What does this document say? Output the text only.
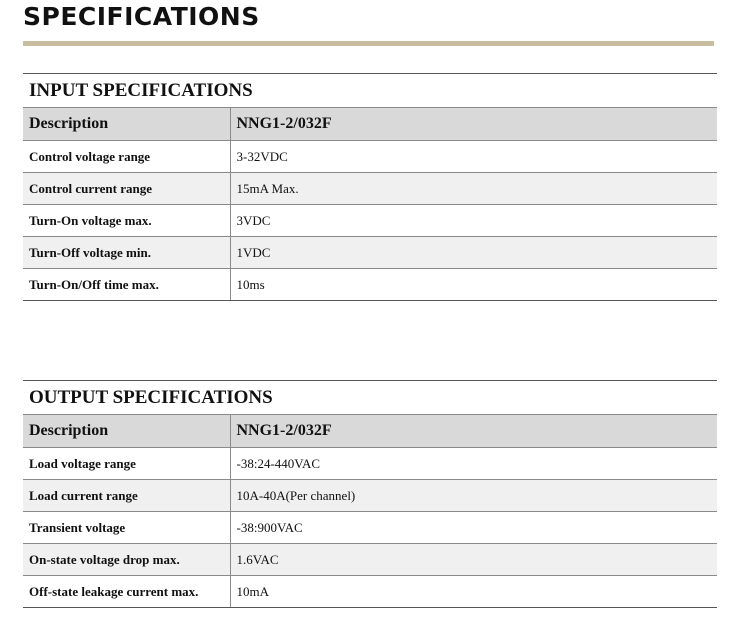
SPECIFICATIONS
INPUT SPECIFICATIONS
Description	NNG1-2/032F
Control voltage range	3-32VDC
Control current range	15mA Max.
Turn-On voltage max.	3VDC
Turn-Off voltage min.	1VDC
Turn-On/Off time max.	10ms
OUTPUT SPECIFICATIONS
Description	NNG1-2/032F
Load voltage range	-38:24-440VAC
Load current range	10A-40A(Per channel)
Transient voltage	-38:900VAC
On-state voltage drop max.	1.6VAC
Off-state leakage current max.	10mA
